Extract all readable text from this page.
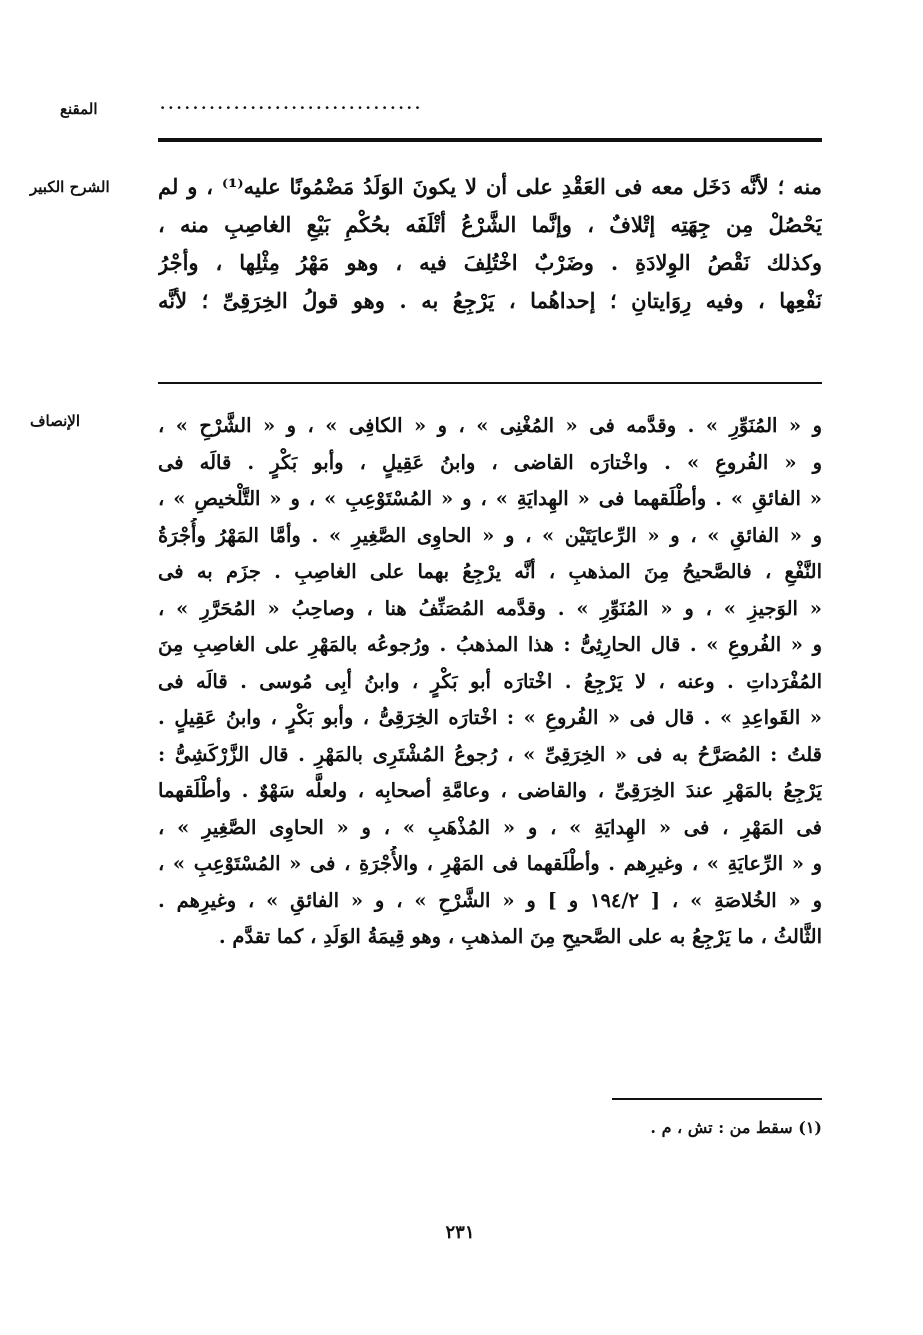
المقنع	................................
الشرح الكبير	منه ؛ لأنَّه دَخَل معه فى العَقْدِ على أن لا يكونَ الوَلَدُ مَضْمُونًا عليه⁽¹⁾ ، و لم
يَحْصُلْ مِن جِهَتِه إتْلافٌ ، وإنَّما الشَّرْعُ أتْلَفَه بحُكْمِ بَيْعِ الغاصِبِ منه ،
وكذلك نَقْصُ الوِلادَةِ . وضَرْبٌ اخْتُلِفَ فيه ، وهو مَهْرُ مِثْلِها ، وأجْرُ
نَفْعِها ، وفيه رِوَايتانِ ؛ إحداهُما ، يَرْجِعُ به . وهو قولُ الخِرَقِىِّ ؛ لأنَّه
الإنصاف	و « المُنَوِّرِ » . وقدَّمه فى « المُغْنِى » ، و « الكافِى » ، و « الشَّرْحِ » ،
و « الفُروعِ » . واخْتارَه القاضى ، وابنُ عَقِيلٍ ، وأبو بَكْرٍ . قالَه فى
« الفائقِ » . وأطْلَقهما فى « الهِدايَةِ » ، و « المُسْتَوْعِبِ » ، و « التَّلْخيصِ » ،
و « الفائقِ » ، و « الرِّعايَتَيْن » ، و « الحاوِى الصَّغِيرِ » . وأمَّا المَهْرُ وأُجْرَةُ
النَّفْعِ ، فالصَّحيحُ مِنَ المذهبِ ، أنَّه يرْجِعُ بهما على الغاصِبِ . جزَم به فى
« الوَجيزِ » ، و « المُنَوِّرِ » . وقدَّمه المُصَنِّفُ هنا ، وصاحِبُ « المُحَرَّرِ » ،
و « الفُروعِ » . قال الحارِثِىُّ : هذا المذهبُ . ورُجوعُه بالمَهْرِ على الغاصِبِ مِنَ
المُفْرَداتِ . وعنه ، لا يَرْجِعُ . اخْتارَه أبو بَكْرٍ ، وابنُ أبِى مُوسى . قالَه فى
« القَواعِدِ » . قال فى « الفُروعِ » : اخْتارَه الخِرَقِىُّ ، وأبو بَكْرٍ ، وابنُ عَقِيلٍ .
قلتُ : المُصَرَّحُ به فى « الخِرَقِىِّ » ، رُجوعُ المُشْتَرِى بالمَهْرِ . قال الزَّرْكَشِىُّ :
يَرْجِعُ بالمَهْرِ عندَ الخِرَقِىِّ ، والقاضى ، وعامَّةِ أصحابِه ، ولعلَّه سَهْوٌ . وأطْلَقهما
فى المَهْرِ ، فى « الهِدايَةِ » ، و « المُذْهَبِ » ، و « الحاوِى الصَّغِيرِ » ،
و « الرِّعايَةِ » ، وغيرِهم . وأطْلَقهما فى المَهْرِ ، والأُجْرَةِ ، فى « المُسْتَوْعِبِ » ،
و « الخُلاصَةِ » ، [ ١٩٤/٢ و ] و « الشَّرْحِ » ، و « الفائقِ » ، وغيرِهم .
الثَّالثُ ، ما يَرْجِعُ به على الصَّحيحِ مِنَ المذهبِ ، وهو قِيمَةُ الوَلَدِ ، كما تقدَّم .
(١) سقط من : تش ، م .
٢٣١
